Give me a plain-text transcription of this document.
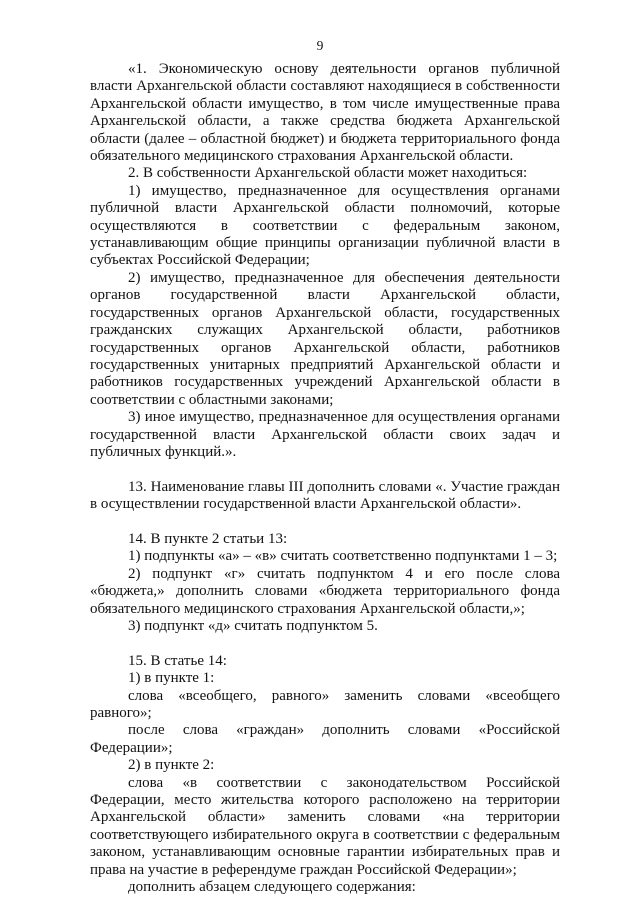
9

«1. Экономическую основу деятельности органов публичной власти Архангельской области составляют находящиеся в собственности Архангельской области имущество, в том числе имущественные права Архангельской области, а также средства бюджета Архангельской области (далее – областной бюджет) и бюджета территориального фонда обязательного медицинского страхования Архангельской области.

2. В собственности Архангельской области может находиться:

1) имущество, предназначенное для осуществления органами публичной власти Архангельской области полномочий, которые осуществляются в соответствии с федеральным законом, устанавливающим общие принципы организации публичной власти в субъектах Российской Федерации;

2) имущество, предназначенное для обеспечения деятельности органов государственной власти Архангельской области, государственных органов Архангельской области, государственных гражданских служащих Архангельской области, работников государственных органов Архангельской области, работников государственных унитарных предприятий Архангельской области и работников государственных учреждений Архангельской области в соответствии с областными законами;

3) иное имущество, предназначенное для осуществления органами государственной власти Архангельской области своих задач и публичных функций.».

13. Наименование главы III дополнить словами «. Участие граждан в осуществлении государственной власти Архангельской области».

14. В пункте 2 статьи 13:

1) подпункты «а» – «в» считать соответственно подпунктами 1 – 3;

2) подпункт «г» считать подпунктом 4 и его после слова «бюджета,» дополнить словами «бюджета территориального фонда обязательного медицинского страхования Архангельской области,»;

3) подпункт «д» считать подпунктом 5.

15. В статье 14:

1) в пункте 1:

слова «всеобщего, равного» заменить словами «всеобщего равного»;

после слова «граждан» дополнить словами «Российской Федерации»;

2) в пункте 2:

слова «в соответствии с законодательством Российской Федерации, место жительства которого расположено на территории Архангельской области» заменить словами «на территории соответствующего избирательного округа в соответствии с федеральным законом, устанавливающим основные гарантии избирательных прав и права на участие в референдуме граждан Российской Федерации»;

дополнить абзацем следующего содержания:
